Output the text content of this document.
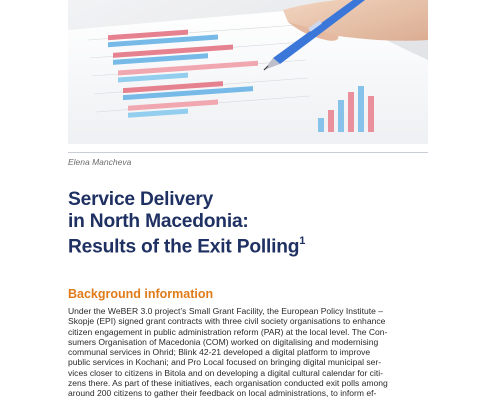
Elena Mancheva
Service Delivery
in North Macedonia:
Results of the Exit Polling$^1$
Background information
Under the WeBER 3.0 project’s Small Grant Facility, the European Policy Institute –
Skopje (EPI) signed grant contracts with three civil society organisations to enhance
citizen engagement in public administration reform (PAR) at the local level. The Con-
sumers Organisation of Macedonia (COM) worked on digitalising and modernising
communal services in Ohrid; Blink 42-21 developed a digital platform to improve
public services in Kochani; and Pro Local focused on bringing digital municipal ser-
vices closer to citizens in Bitola and on developing a digital cultural calendar for citi-
zens there. As part of these initiatives, each organisation conducted exit polls among
around 200 citizens to gather their feedback on local administrations, to inform ef-
